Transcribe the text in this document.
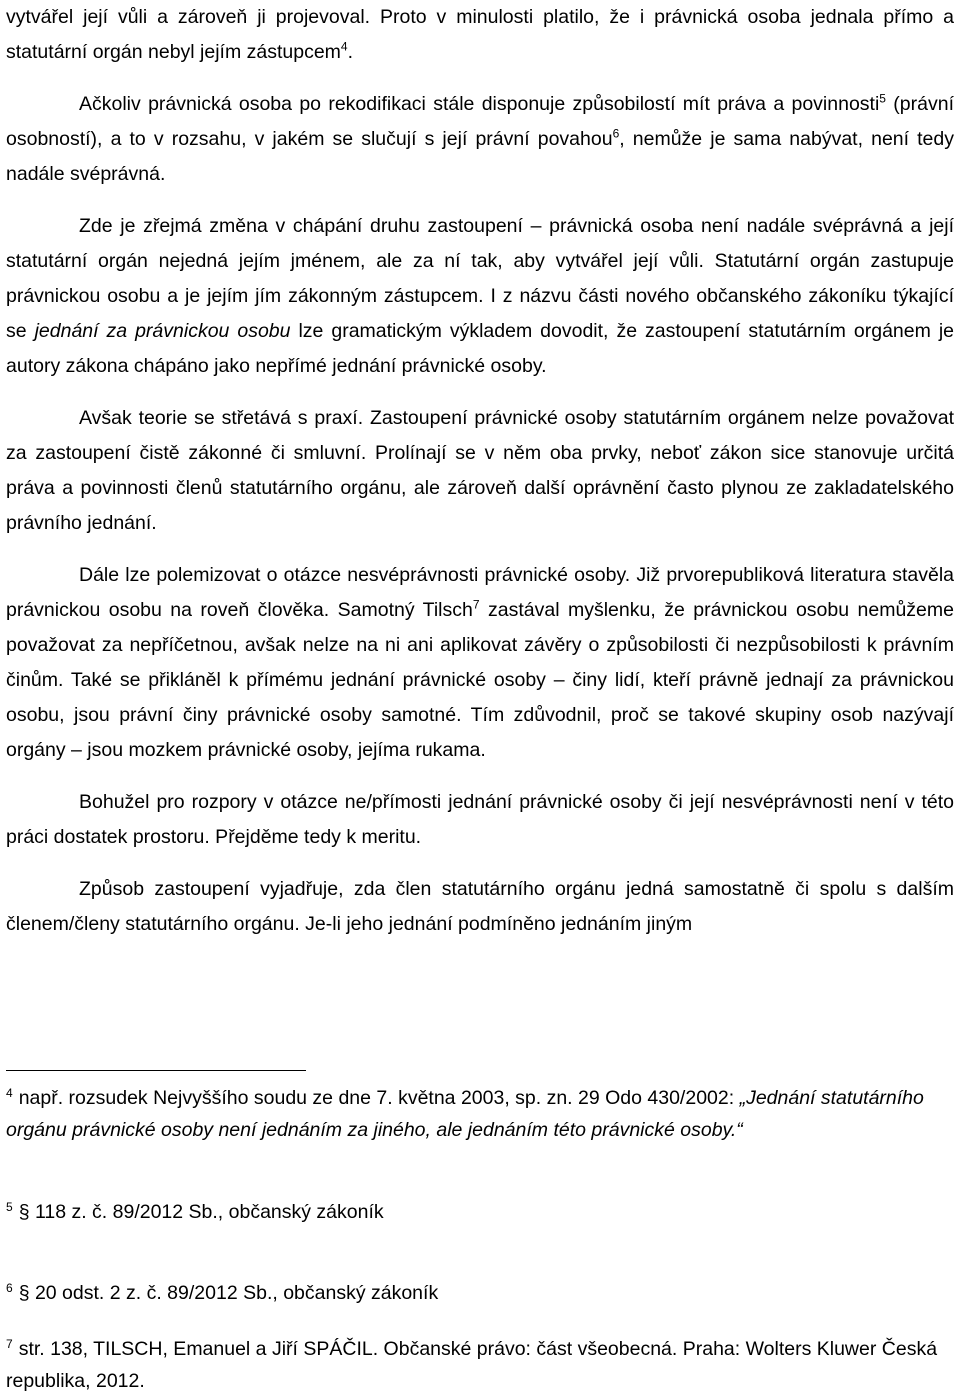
vytvářel její vůli a zároveň ji projevoval. Proto v minulosti platilo, že i právnická osoba jednala přímo a statutární orgán nebyl jejím zástupcem$^4$.

Ačkoliv právnická osoba po rekodifikaci stále disponuje způsobilostí mít práva a povinnosti$^5$ (právní osobností), a to v rozsahu, v jakém se slučují s její právní povahou$^6$, nemůže je sama nabývat, není tedy nadále svéprávná.

Zde je zřejmá změna v chápání druhu zastoupení – právnická osoba není nadále svéprávná a její statutární orgán nejedná jejím jménem, ale za ní tak, aby vytvářel její vůli. Statutární orgán zastupuje právnickou osobu a je jejím jím zákonným zástupcem. I z názvu části nového občanského zákoníku týkající se jednání za právnickou osobu lze gramatickým výkladem dovodit, že zastoupení statutárním orgánem je autory zákona chápáno jako nepřímé jednání právnické osoby.

Avšak teorie se střetává s praxí. Zastoupení právnické osoby statutárním orgánem nelze považovat za zastoupení čistě zákonné či smluvní. Prolínají se v něm oba prvky, neboť zákon sice stanovuje určitá práva a povinnosti členů statutárního orgánu, ale zároveň další oprávnění často plynou ze zakladatelského právního jednání.

Dále lze polemizovat o otázce nesvéprávnosti právnické osoby. Již prvorepubliková literatura stavěla právnickou osobu na roveň člověka. Samotný Tilsch$^7$ zastával myšlenku, že právnickou osobu nemůžeme považovat za nepříčetnou, avšak nelze na ni ani aplikovat závěry o způsobilosti či nezpůsobilosti k právním činům. Také se přikláněl k přímému jednání právnické osoby – činy lidí, kteří právně jednají za právnickou osobu, jsou právní činy právnické osoby samotné. Tím zdůvodnil, proč se takové skupiny osob nazývají orgány – jsou mozkem právnické osoby, jejíma rukama.

Bohužel pro rozpory v otázce ne/přímosti jednání právnické osoby či její nesvéprávnosti není v této práci dostatek prostoru. Přejděme tedy k meritu.

Způsob zastoupení vyjadřuje, zda člen statutárního orgánu jedná samostatně či spolu s dalším členem/členy statutárního orgánu. Je-li jeho jednání podmíněno jednáním jiným

$^4$ např. rozsudek Nejvyššího soudu ze dne 7. května 2003, sp. zn. 29 Odo 430/2002: „Jednání statutárního orgánu právnické osoby není jednáním za jiného, ale jednáním této právnické osoby.“

$^5$ § 118 z. č. 89/2012 Sb., občanský zákoník

$^6$ § 20 odst. 2 z. č. 89/2012 Sb., občanský zákoník

$^7$ str. 138, TILSCH, Emanuel a Jiří SPÁČIL. Občanské právo: část všeobecná. Praha: Wolters Kluwer Česká republika, 2012.
